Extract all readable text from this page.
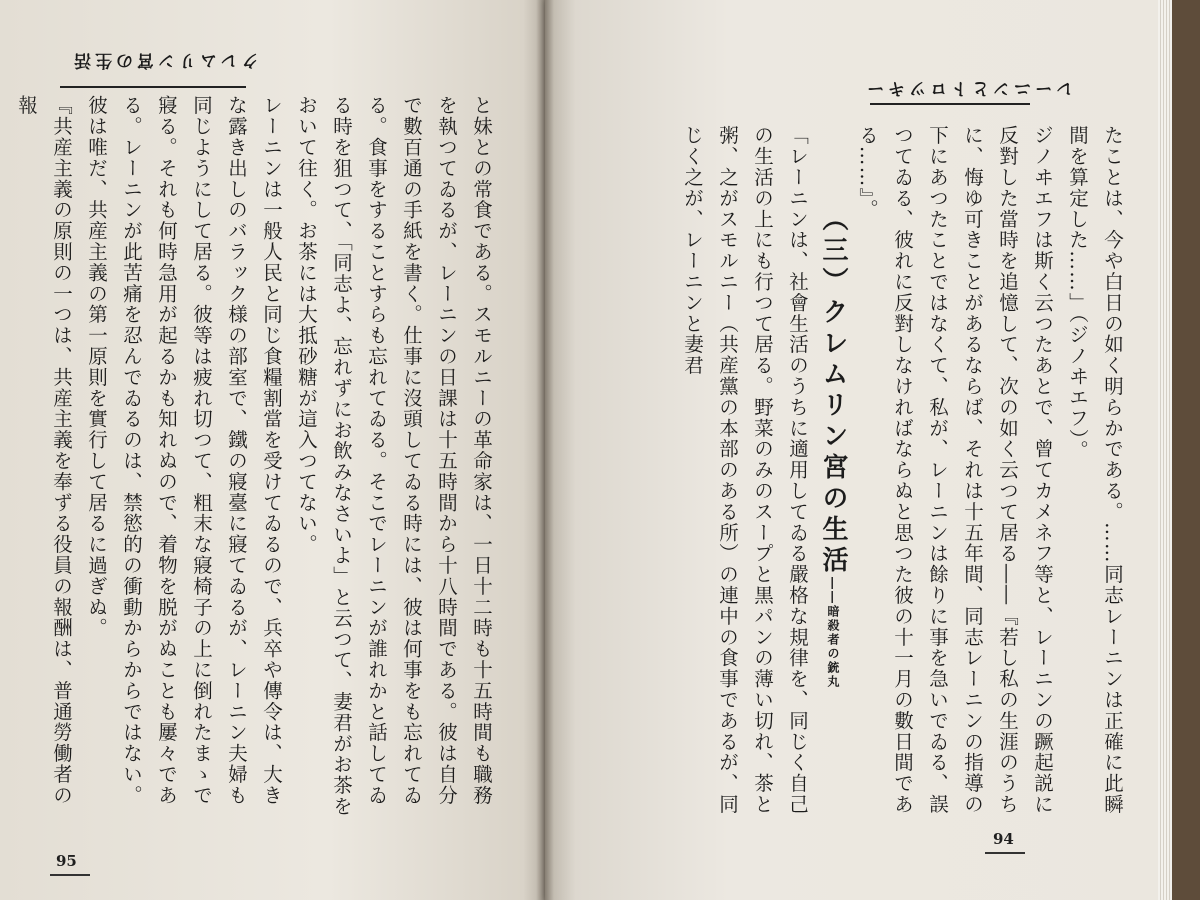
クレムリン宮の生活

と妹との常食である。スモルニーの革命家は、一日十二時も十五時間も職務を執つてゐるが、レーニンの日課は十五時間から十八時間である。彼は自分で數百通の手紙を書く。仕事に沒頭してゐる時には、彼は何事をも忘れてゐる。食事をすることすらも忘れてゐる。そこでレーニンが誰れかと話してゐる時を狙つて、「同志よ、忘れずにお飲みなさいよ」と云つて、妻君がお茶をおいて往く。お茶には大抵砂糖が這入つてない。

レーニンは一般人民と同じ食糧割當を受けてゐるので、兵卒や傳令は、大きな露き出しのバラック様の部室で、鐵の寢臺に寢てゐるが、レーニン夫婦も同じようにして居る。彼等は疲れ切つて、粗末な寢椅子の上に倒れたまゝで寢る。それも何時急用が起るかも知れぬので、着物を脱がぬことも屢々である。レーニンが此苦痛を忍んでゐるのは、禁慾的の衝動からからではない。彼は唯だ、共産主義の第一原則を實行して居るに過ぎぬ。

『共産主義の原則の一つは、共産主義を奉ずる役員の報酬は、普通勞働者の報

95
レーニンとトロツキー

たことは、今や白日の如く明らかである。……同志レーニンは正確に此瞬間を算定した……」（ジノヰエフ）。

ジノヰエフは斯く云つたあとで、曾てカメネフ等と、レーニンの蹶起説に反對した當時を追憶して、次の如く云つて居る――『若し私の生涯のうちに、悔ゆ可きことがあるならば、それは十五年間、同志レーニンの指導の下にあつたことではなくて、私が、レーニンは餘りに事を急いでゐる、誤つてゐる、彼れに反對しなければならぬと思つた彼の十一月の數日間である……』。

（三）クレムリン宮の生活――暗殺者の銃丸

「レーニンは、社會生活のうちに適用してゐる嚴格な規律を、同じく自己の生活の上にも行つて居る。野菜のみのスープと黒パンの薄い切れ、茶と粥、之がスモルニー（共産黨の本部のある所）の連中の食事であるが、同じく之が、レーニンと妻君

94
